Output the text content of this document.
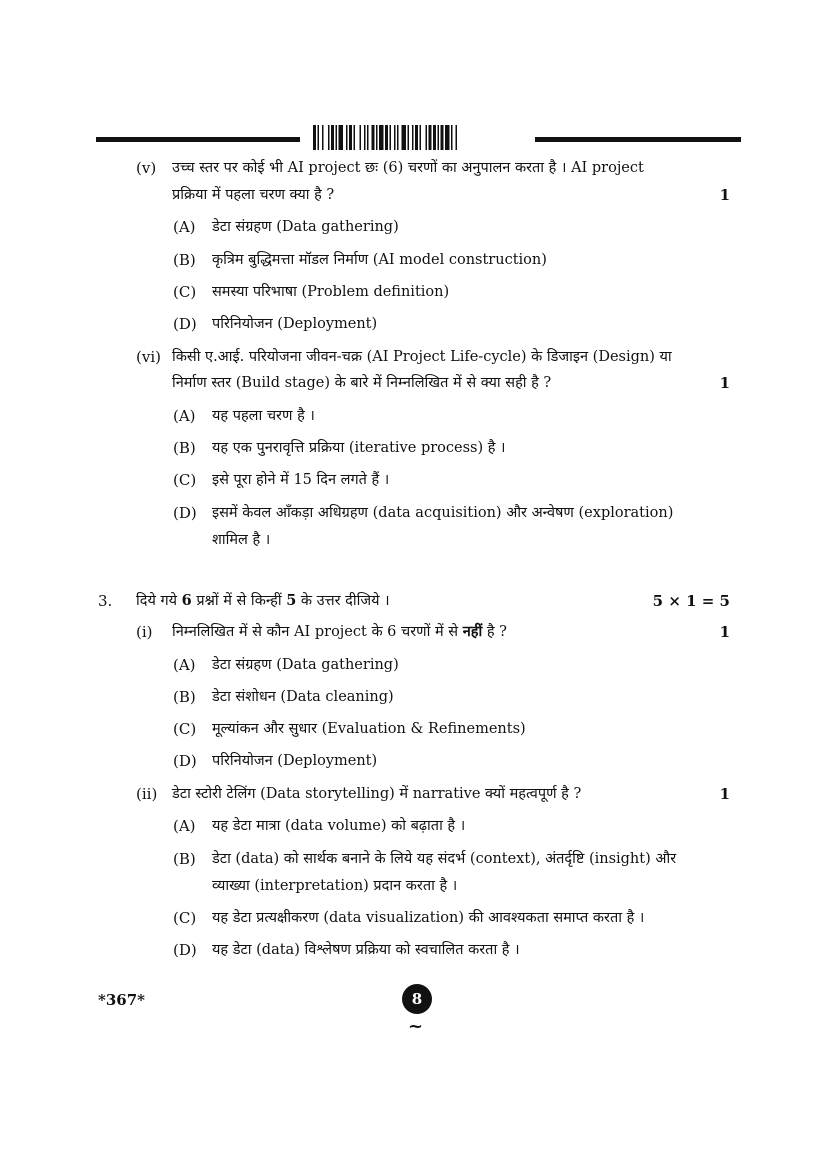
(v) उच्च स्तर पर कोई भी AI project छः (6) चरणों का अनुपालन करता है । AI project
प्रक्रिया में पहला चरण क्या है ?	1
(A) डेटा संग्रहण (Data gathering)
(B) कृत्रिम बुद्धिमत्ता मॉडल निर्माण (AI model construction)
(C) समस्या परिभाषा (Problem definition)
(D) परिनियोजन (Deployment)
(vi) किसी ए.आई. परियोजना जीवन-चक्र (AI Project Life-cycle) के डिजाइन (Design) या
निर्माण स्तर (Build stage) के बारे में निम्नलिखित में से क्या सही है ?	1
(A) यह पहला चरण है ।
(B) यह एक पुनरावृत्ति प्रक्रिया (iterative process) है ।
(C) इसे पूरा होने में 15 दिन लगते हैं ।
(D) इसमें केवल आँकड़ा अधिग्रहण (data acquisition) और अन्वेषण (exploration)
शामिल है ।
3. दिये गये 6 प्रश्नों में से किन्हीं 5 के उत्तर दीजिये ।	5 × 1 = 5
(i) निम्नलिखित में से कौन AI project के 6 चरणों में से नहीं है ?	1
(A) डेटा संग्रहण (Data gathering)
(B) डेटा संशोधन (Data cleaning)
(C) मूल्यांकन और सुधार (Evaluation & Refinements)
(D) परिनियोजन (Deployment)
(ii) डेटा स्टोरी टेलिंग (Data storytelling) में narrative क्यों महत्वपूर्ण है ?	1
(A) यह डेटा मात्रा (data volume) को बढ़ाता है ।
(B) डेटा (data) को सार्थक बनाने के लिये यह संदर्भ (context), अंतर्दृष्टि (insight) और
व्याख्या (interpretation) प्रदान करता है ।
(C) यह डेटा प्रत्यक्षीकरण (data visualization) की आवश्यकता समाप्त करता है ।
(D) यह डेटा (data) विश्लेषण प्रक्रिया को स्वचालित करता है ।
*367*	8
~
